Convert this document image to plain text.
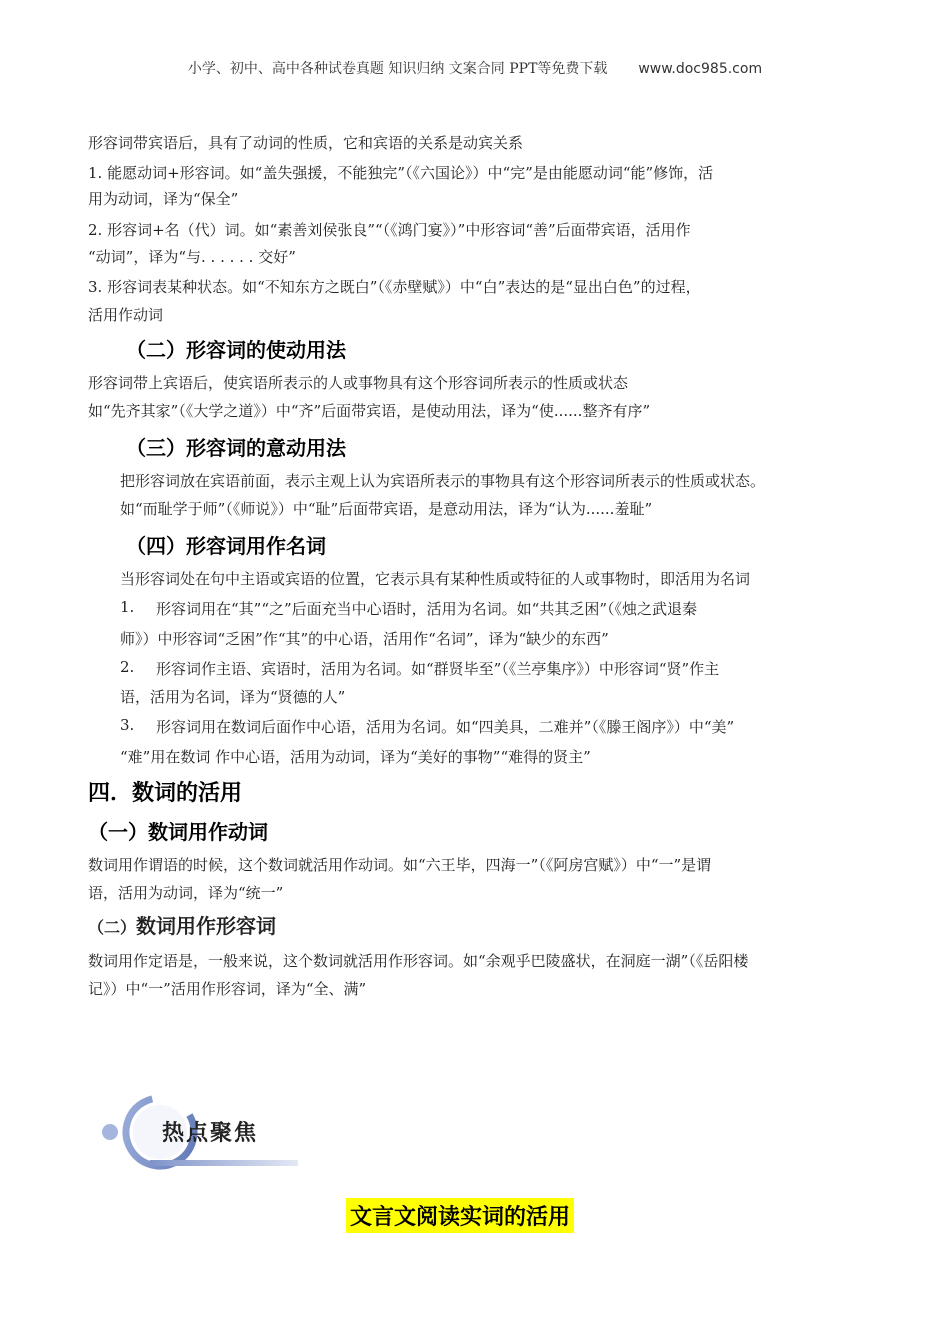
小学、初中、高中各种试卷真题 知识归纳 文案合同 PPT等免费下载 www.doc985.com
形容词带宾语后，具有了动词的性质，它和宾语的关系是动宾关系
1. 能愿动词+形容词。如“盖失强援，不能独完”（《六国论》）中“完”是由能愿动词“能”修饰，活
用为动词，译为“保全”
2. 形容词+名（代）词。如“素善刘侯张良”“（《鸿门宴》）”中形容词“善”后面带宾语，活用作
“动词”，译为“与. . . . . . 交好”
3. 形容词表某种状态。如“不知东方之既白”（《赤壁赋》）中“白”表达的是“显出白色”的过程，
活用作动词
（二）形容词的使动用法
形容词带上宾语后，使宾语所表示的人或事物具有这个形容词所表示的性质或状态
如“先齐其家”（《大学之道》）中“齐”后面带宾语，是使动用法，译为“使......整齐有序”
（三）形容词的意动用法
把形容词放在宾语前面，表示主观上认为宾语所表示的事物具有这个形容词所表示的性质或状态。
如“而耻学于师”（《师说》）中“耻”后面带宾语，是意动用法，译为“认为......羞耻”
（四）形容词用作名词
当形容词处在句中主语或宾语的位置，它表示具有某种性质或特征的人或事物时，即活用为名词
1. 形容词用在“其”“之”后面充当中心语时，活用为名词。如“共其乏困”（《烛之武退秦
师》）中形容词“乏困”作“其”的中心语，活用作“名词”，译为“缺少的东西”
2. 形容词作主语、宾语时，活用为名词。如“群贤毕至”（《兰亭集序》）中形容词“贤”作主
语，活用为名词，译为“贤德的人”
3. 形容词用在数词后面作中心语，活用为名词。如“四美具，二难并”（《滕王阁序》）中“美”
“难”用在数词 作中心语，活用为动词，译为“美好的事物”“难得的贤主”
四．数词的活用
（一）数词用作动词
数词用作谓语的时候，这个数词就活用作动词。如“六王毕，四海一”（《阿房宫赋》）中“一”是谓
语，活用为动词，译为“统一”
（二）数词用作形容词
数词用作定语是，一般来说，这个数词就活用作形容词。如“余观乎巴陵盛状，在洞庭一湖”（《岳阳楼
记》）中“一”活用作形容词，译为“全、满”
热点聚焦
文言文阅读实词的活用
